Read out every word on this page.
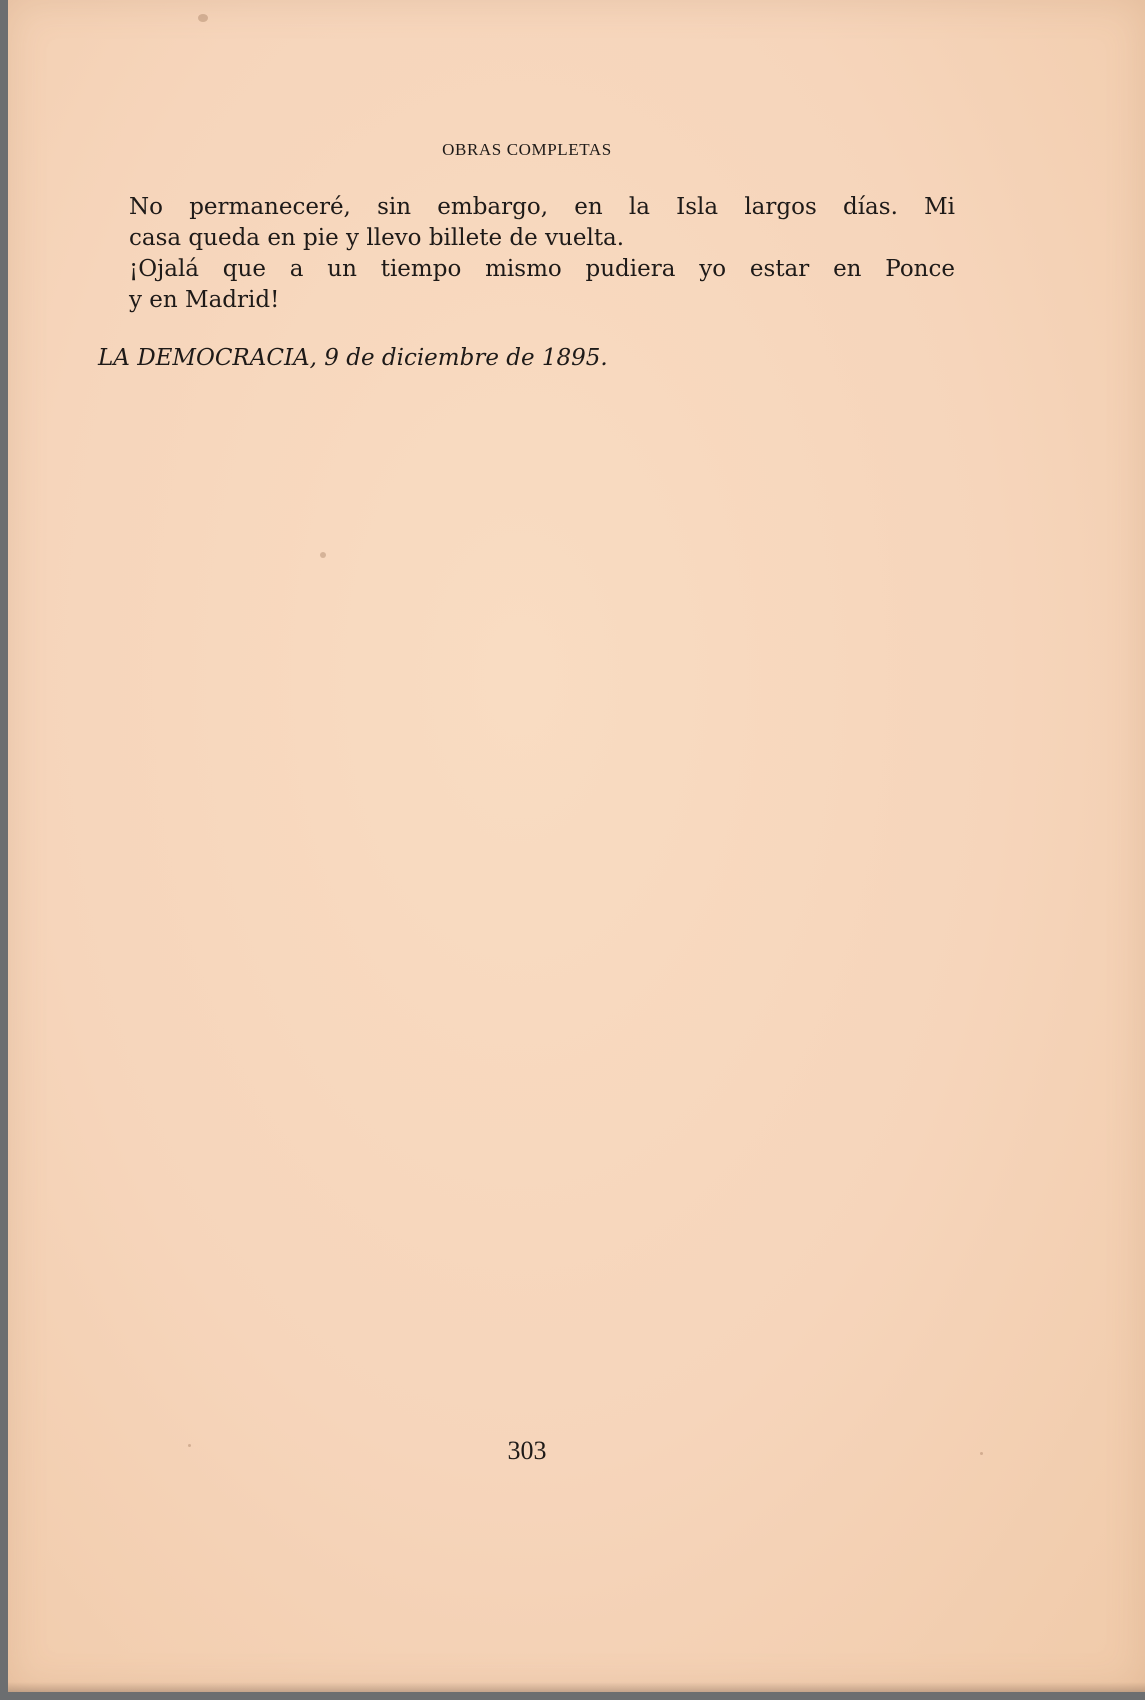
OBRAS COMPLETAS

No permaneceré, sin embargo, en la Isla largos días. Mi
casa queda en pie y llevo billete de vuelta.

¡Ojalá que a un tiempo mismo pudiera yo estar en Ponce
y en Madrid!

LA DEMOCRACIA, 9 de diciembre de 1895.
303
